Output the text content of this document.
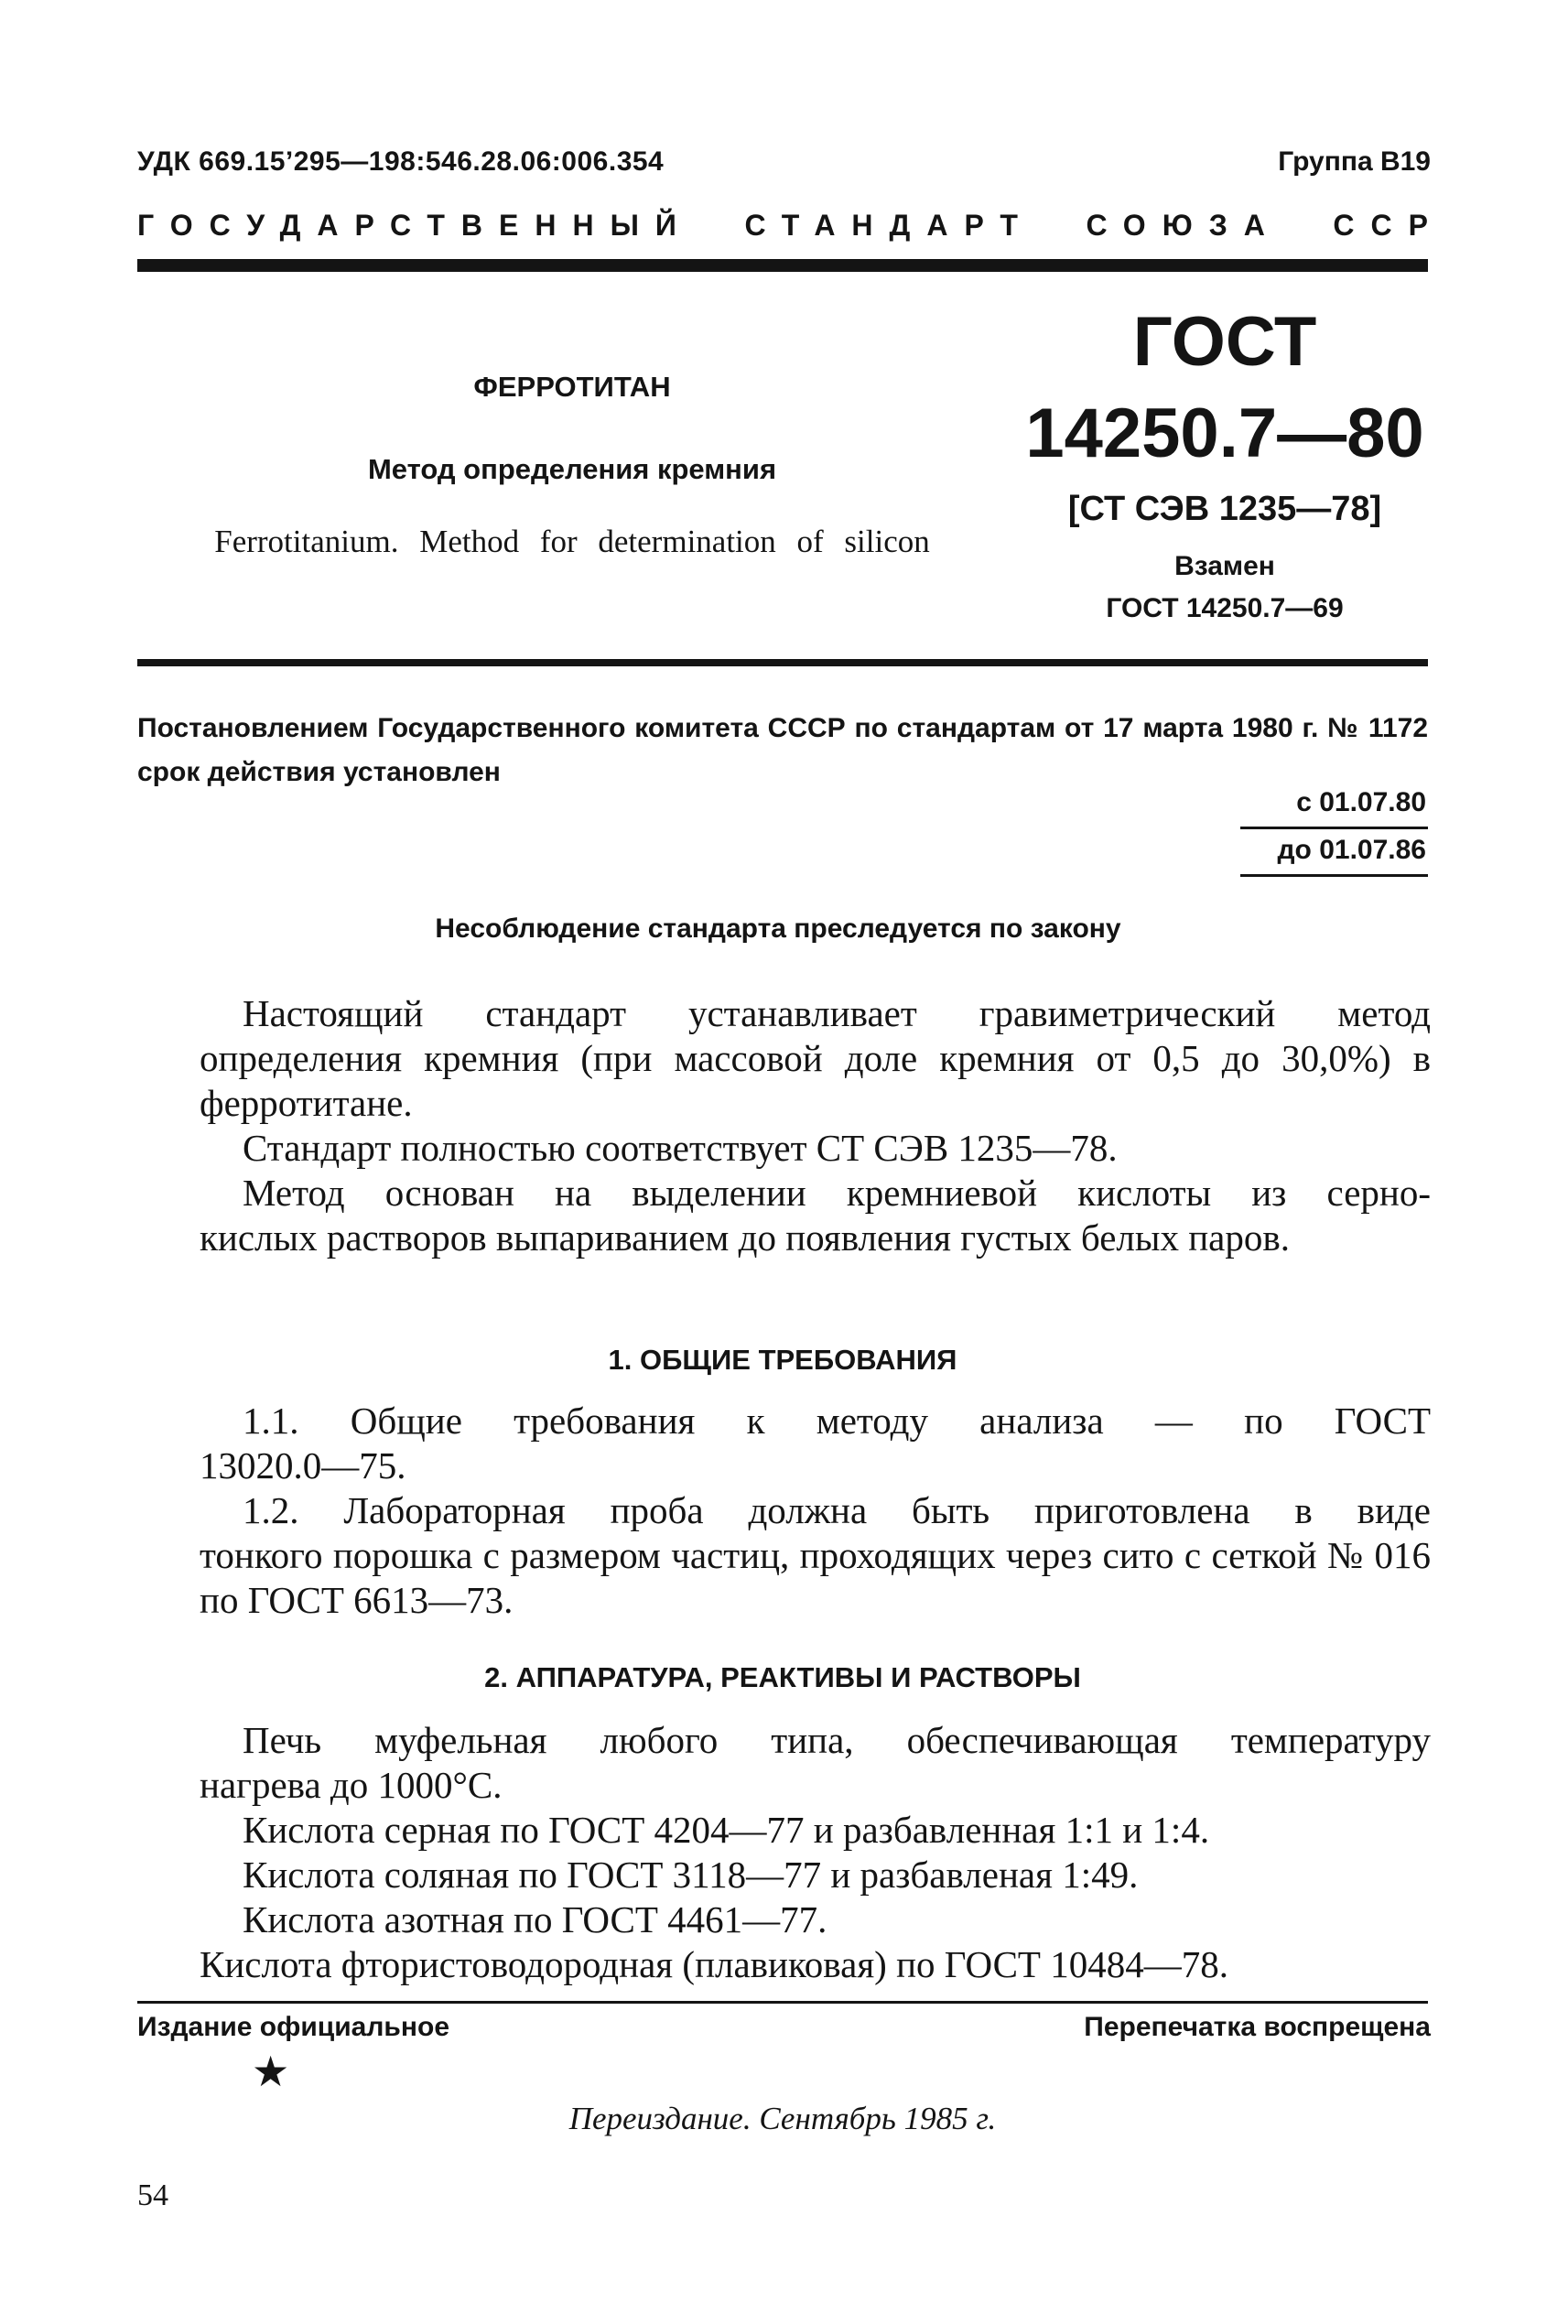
УДК 669.15’295—198:546.28.06:006.354	Группа В19
ГОСУДАРСТВЕННЫЙ СТАНДАРТ СОЮЗА ССР
ФЕРРОТИТАН
Метод определения кремния
Ferrotitanium. Method for determination of silicon
ГОСТ
14250.7—80
[СТ СЭВ 1235—78]
Взамен
ГОСТ 14250.7—69
Постановлением Государственного комитета СССР по стандартам от 17 марта 1980 г. № 1172 срок действия установлен
с 01.07.80
до 01.07.86
Несоблюдение стандарта преследуется по закону
Настоящий стандарт устанавливает гравиметрический метод
определения кремния (при массовой доле кремния от 0,5 до 30,0%) в ферротитане.
Стандарт полностью соответствует СТ СЭВ 1235—78.
Метод основан на выделении кремниевой кислоты из серно-
кислых растворов выпариванием до появления густых белых паров.
1. ОБЩИЕ ТРЕБОВАНИЯ
1.1. Общие требования к методу анализа — по ГОСТ
13020.0—75.
1.2. Лабораторная проба должна быть приготовлена в виде
тонкого порошка с размером частиц, проходящих через сито с сеткой № 016 по ГОСТ 6613—73.
2. АППАРАТУРА, РЕАКТИВЫ И РАСТВОРЫ
Печь муфельная любого типа, обеспечивающая температуру
нагрева до 1000°С.
Кислота серная по ГОСТ 4204—77 и разбавленная 1:1 и 1:4.
Кислота соляная по ГОСТ 3118—77 и разбавленая 1:49.
Кислота азотная по ГОСТ 4461—77.
Кислота фтористоводородная (плавиковая) по ГОСТ 10484—78.
Издание официальное	Перепечатка воспрещена
★
Переиздание. Сентябрь 1985 г.
54
